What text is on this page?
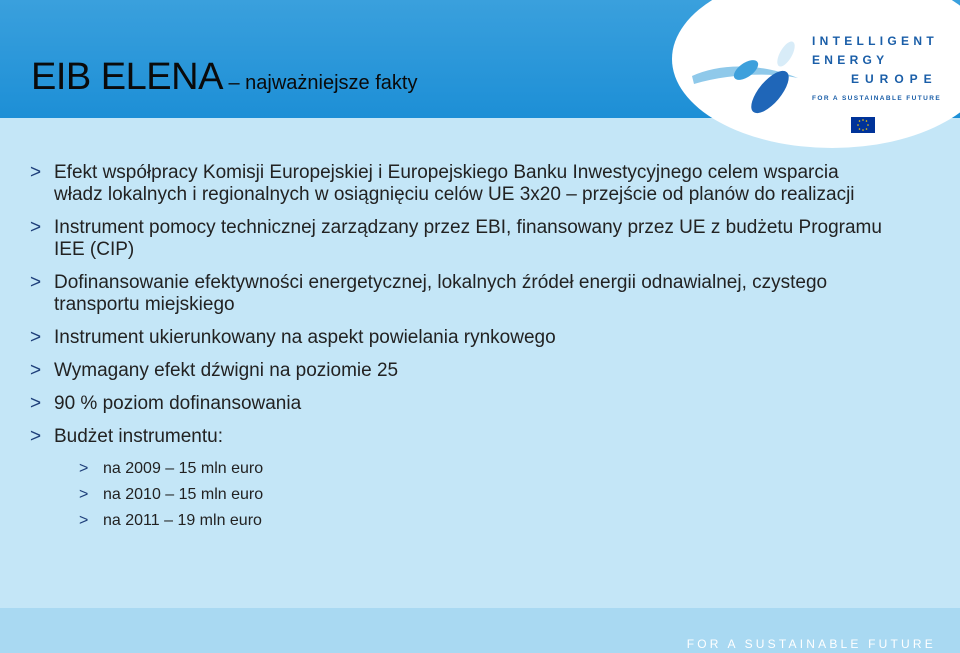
INTELLIGENT
ENERGY
EUROPE
FOR A SUSTAINABLE FUTURE
EIB ELENA – najważniejsze fakty
> Efekt współpracy Komisji Europejskiej i Europejskiego Banku Inwestycyjnego celem wsparcia władz lokalnych i regionalnych w osiągnięciu celów UE 3x20 – przejście od planów do realizacji
> Instrument pomocy technicznej zarządzany przez EBI, finansowany przez UE z budżetu Programu IEE (CIP)
> Dofinansowanie efektywności energetycznej, lokalnych źródeł energii odnawialnej, czystego transportu miejskiego
> Instrument ukierunkowany na aspekt powielania rynkowego
> Wymagany efekt dźwigni na poziomie 25
> 90 % poziom dofinansowania
> Budżet instrumentu:
> na 2009 – 15 mln euro
> na 2010 – 15 mln euro
> na 2011 – 19 mln euro
FOR A SUSTAINABLE FUTURE
